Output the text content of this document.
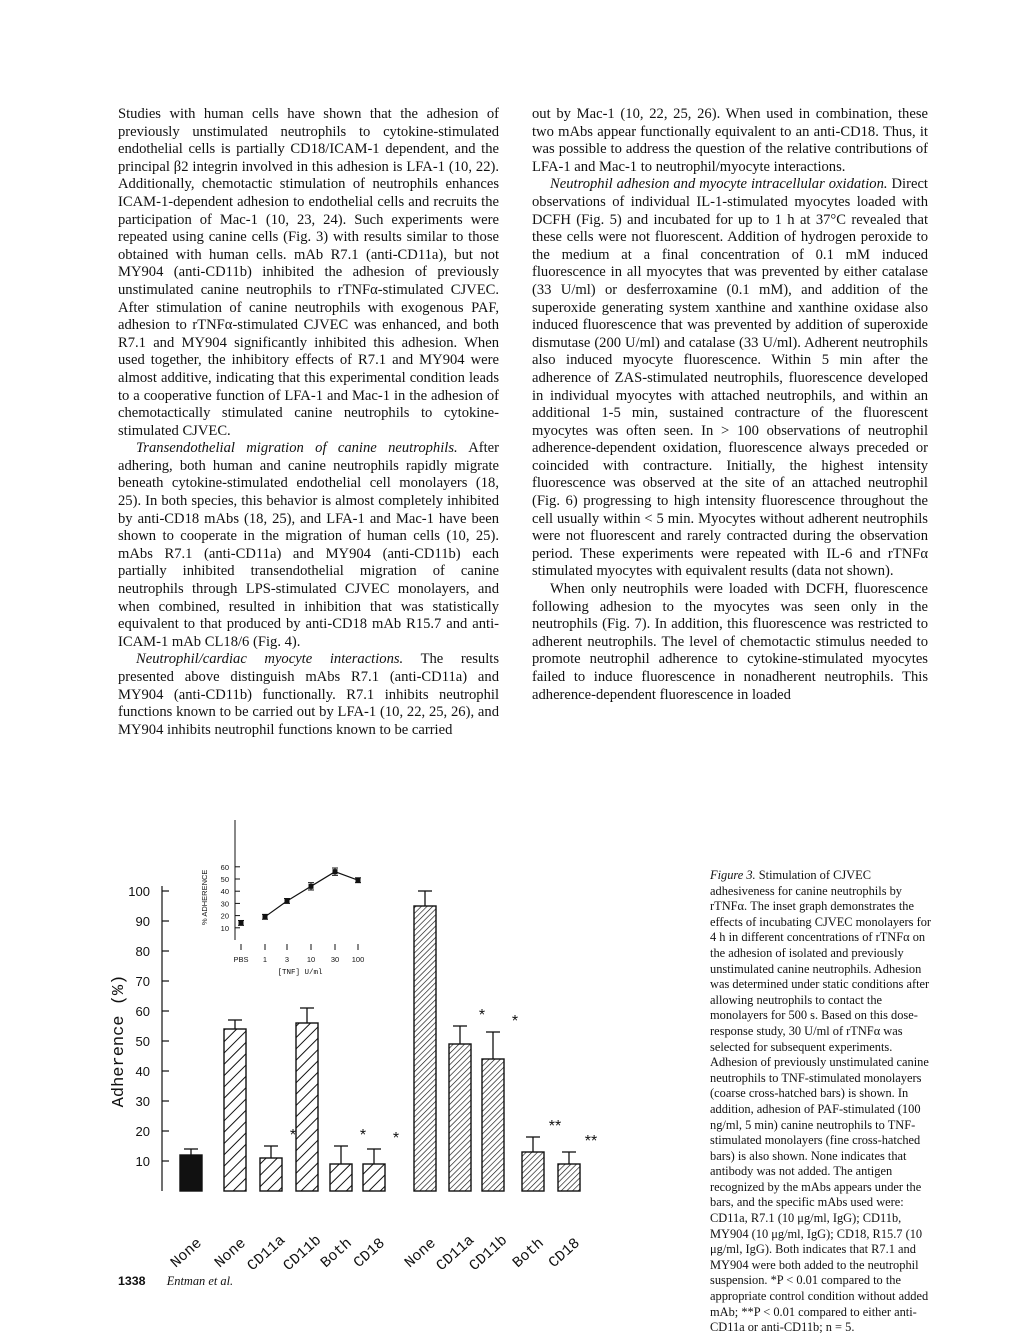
Studies with human cells have shown that the adhesion of previously unstimulated neutrophils to cytokine-stimulated endothelial cells is partially CD18/ICAM-1 dependent, and the principal β2 integrin involved in this adhesion is LFA-1 (10, 22). Additionally, chemotactic stimulation of neutrophils enhances ICAM-1-dependent adhesion to endothelial cells and recruits the participation of Mac-1 (10, 23, 24). Such experiments were repeated using canine cells (Fig. 3) with results similar to those obtained with human cells. mAb R7.1 (anti-CD11a), but not MY904 (anti-CD11b) inhibited the adhesion of previously unstimulated canine neutrophils to rTNFα-stimulated CJVEC. After stimulation of canine neutrophils with exogenous PAF, adhesion to rTNFα-stimulated CJVEC was enhanced, and both R7.1 and MY904 significantly inhibited this adhesion. When used together, the inhibitory effects of R7.1 and MY904 were almost additive, indicating that this experimental condition leads to a cooperative function of LFA-1 and Mac-1 in the adhesion of chemotactically stimulated canine neutrophils to cytokine-stimulated CJVEC.

Transendothelial migration of canine neutrophils. After adhering, both human and canine neutrophils rapidly migrate beneath cytokine-stimulated endothelial cell monolayers (18, 25). In both species, this behavior is almost completely inhibited by anti-CD18 mAbs (18, 25), and LFA-1 and Mac-1 have been shown to cooperate in the migration of human cells (10, 25). mAbs R7.1 (anti-CD11a) and MY904 (anti-CD11b) each partially inhibited transendothelial migration of canine neutrophils through LPS-stimulated CJVEC monolayers, and when combined, resulted in inhibition that was statistically equivalent to that produced by anti-CD18 mAb R15.7 and anti-ICAM-1 mAb CL18/6 (Fig. 4).

Neutrophil/cardiac myocyte interactions. The results presented above distinguish mAbs R7.1 (anti-CD11a) and MY904 (anti-CD11b) functionally. R7.1 inhibits neutrophil functions known to be carried out by LFA-1 (10, 22, 25, 26), and MY904 inhibits neutrophil functions known to be carried

out by Mac-1 (10, 22, 25, 26). When used in combination, these two mAbs appear functionally equivalent to an anti-CD18. Thus, it was possible to address the question of the relative contributions of LFA-1 and Mac-1 to neutrophil/myocyte interactions.

Neutrophil adhesion and myocyte intracellular oxidation. Direct observations of individual IL-1-stimulated myocytes loaded with DCFH (Fig. 5) and incubated for up to 1 h at 37°C revealed that these cells were not fluorescent. Addition of hydrogen peroxide to the medium at a final concentration of 0.1 mM induced fluorescence in all myocytes that was prevented by either catalase (33 U/ml) or desferroxamine (0.1 mM), and addition of the superoxide generating system xanthine and xanthine oxidase also induced fluorescence that was prevented by addition of superoxide dismutase (200 U/ml) and catalase (33 U/ml). Adherent neutrophils also induced myocyte fluorescence. Within 5 min after the adherence of ZAS-stimulated neutrophils, fluorescence developed in individual myocytes with attached neutrophils, and within an additional 1-5 min, sustained contracture of the fluorescent myocytes was often seen. In > 100 observations of neutrophil adherence-dependent oxidation, fluorescence always preceded or coincided with contracture. Initially, the highest intensity fluorescence was observed at the site of an attached neutrophil (Fig. 6) progressing to high intensity fluorescence throughout the cell usually within < 5 min. Myocytes without adherent neutrophils were not fluorescent and rarely contracted during the observation period. These experiments were repeated with IL-6 and rTNFα stimulated myocytes with equivalent results (data not shown).

When only neutrophils were loaded with DCFH, fluorescence following adhesion to the myocytes was seen only in the neutrophils (Fig. 7). In addition, this fluorescence was restricted to adherent neutrophils. The level of chemotactic stimulus needed to promote neutrophil adherence to cytokine-stimulated myocytes failed to induce fluorescence in nonadherent neutrophils. This adherence-dependent fluorescence in loaded

10
20
30
40
50
60
70
80
90
100
Adherence (%)
None None
*
CD11a
CD11b
*
Both
*
CD18 None
*
CD11a
*
CD11b
**
Both
**
CD18
10
20
30
40
50
60
% ADHERENCE
PBS 1 3 10 30 100
[TNF] U/ml
Figure 3. Stimulation of CJVEC adhesiveness for canine neutrophils by rTNFα. The inset graph demonstrates the effects of incubating CJVEC monolayers for 4 h in different concentrations of rTNFα on the adhesion of isolated and previously unstimulated canine neutrophils. Adhesion was determined under static conditions after allowing neutrophils to contact the monolayers for 500 s. Based on this dose-response study, 30 U/ml of rTNFα was selected for subsequent experiments. Adhesion of previously unstimulated canine neutrophils to TNF-stimulated monolayers (coarse cross-hatched bars) is shown. In addition, adhesion of PAF-stimulated (100 ng/ml, 5 min) canine neutrophils to TNF-stimulated monolayers (fine cross-hatched bars) is also shown. None indicates that antibody was not added. The antigen recognized by the mAbs appears under the bars, and the specific mAbs used were: CD11a, R7.1 (10 μg/ml, IgG); CD11b, MY904 (10 μg/ml, IgG); CD18, R15.7 (10 μg/ml, IgG). Both indicates that R7.1 and MY904 were both added to the neutrophil suspension. *P < 0.01 compared to the appropriate control condition without added mAb; **P < 0.01 compared to either anti-CD11a or anti-CD11b; n = 5.
1338 Entman et al.
